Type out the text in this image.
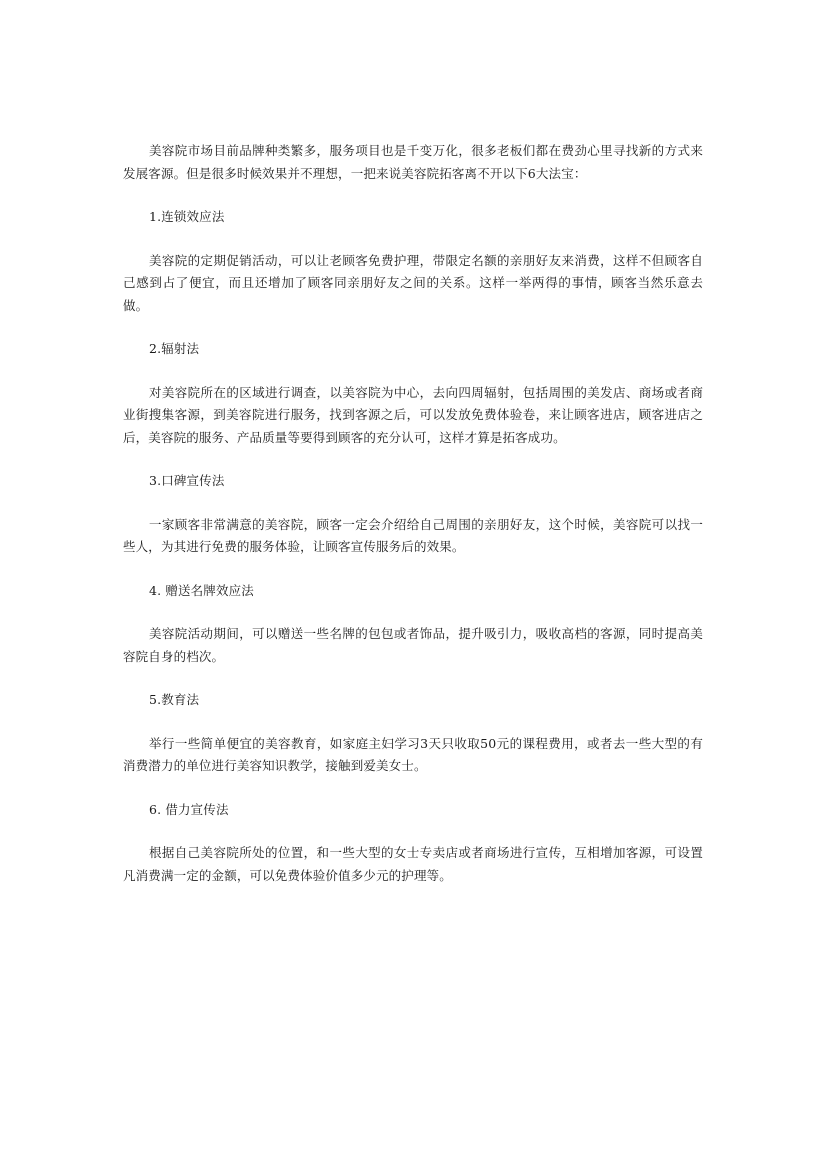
美容院市场目前品牌种类繁多，服务项目也是千变万化，很多老板们都在费劲心里寻找新的方式来发展客源。但是很多时候效果并不理想，一把来说美容院拓客离不开以下6大法宝：

1.连锁效应法

美容院的定期促销活动，可以让老顾客免费护理，带限定名额的亲朋好友来消费，这样不但顾客自己感到占了便宜，而且还增加了顾客同亲朋好友之间的关系。这样一举两得的事情，顾客当然乐意去做。

2.辐射法

对美容院所在的区域进行调查，以美容院为中心，去向四周辐射，包括周围的美发店、商场或者商业街搜集客源，到美容院进行服务，找到客源之后，可以发放免费体验卷，来让顾客进店，顾客进店之后，美容院的服务、产品质量等要得到顾客的充分认可，这样才算是拓客成功。

3.口碑宣传法

一家顾客非常满意的美容院，顾客一定会介绍给自己周围的亲朋好友，这个时候，美容院可以找一些人，为其进行免费的服务体验，让顾客宣传服务后的效果。

4. 赠送名牌效应法

美容院活动期间，可以赠送一些名牌的包包或者饰品，提升吸引力，吸收高档的客源，同时提高美容院自身的档次。

5.教育法

举行一些简单便宜的美容教育，如家庭主妇学习3天只收取50元的课程费用，或者去一些大型的有消费潜力的单位进行美容知识教学，接触到爱美女士。

6. 借力宣传法

根据自己美容院所处的位置，和一些大型的女士专卖店或者商场进行宣传，互相增加客源，可设置凡消费满一定的金额，可以免费体验价值多少元的护理等。
